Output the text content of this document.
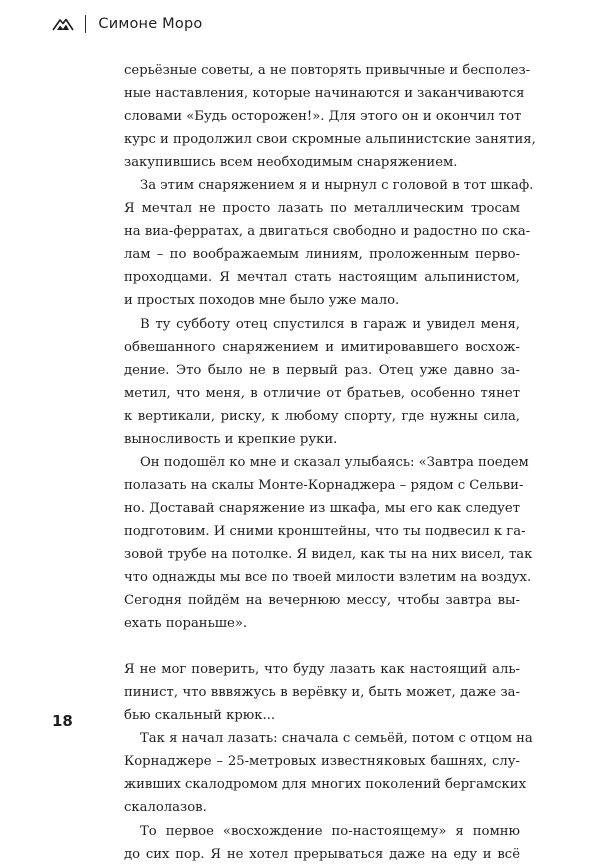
Симоне Моро
серьёзные советы, а не повторять привычные и бесполез-
ные наставления, которые начинаются и заканчиваются
словами «Будь осторожен!». Для этого он и окончил тот
курс и продолжил свои скромные альпинистские занятия,
закупившись всем необходимым снаряжением.
За этим снаряжением я и нырнул с головой в тот шкаф.
Я мечтал не просто лазать по металлическим тросам
на виа-ферратах, а двигаться свободно и радостно по ска-
лам – по воображаемым линиям, проложенным перво-
проходцами. Я мечтал стать настоящим альпинистом,
и простых походов мне было уже мало.
В ту субботу отец спустился в гараж и увидел меня,
обвешанного снаряжением и имитировавшего восхож-
дение. Это было не в первый раз. Отец уже давно за-
метил, что меня, в отличие от братьев, особенно тянет
к вертикали, риску, к любому спорту, где нужны сила,
выносливость и крепкие руки.
Он подошёл ко мне и сказал улыбаясь: «Завтра поедем
полазать на скалы Монте-Корнаджера – рядом с Сельви-
но. Доставай снаряжение из шкафа, мы его как следует
подготовим. И сними кронштейны, что ты подвесил к га-
зовой трубе на потолке. Я видел, как ты на них висел, так
что однажды мы все по твоей милости взлетим на воздух.
Сегодня пойдём на вечернюю мессу, чтобы завтра вы-
ехать пораньше».
Я не мог поверить, что буду лазать как настоящий аль-
пинист, что вввяжусь в верёвку и, быть может, даже за-
бью скальный крюк...
Так я начал лазать: сначала с семьёй, потом с отцом на
Корнаджере – 25-метровых известняковых башнях, слу-
живших скалодромом для многих поколений бергамских
скалолазов.
То первое «восхождение по-настоящему» я помню
до сих пор. Я не хотел прерываться даже на еду и всё
18
